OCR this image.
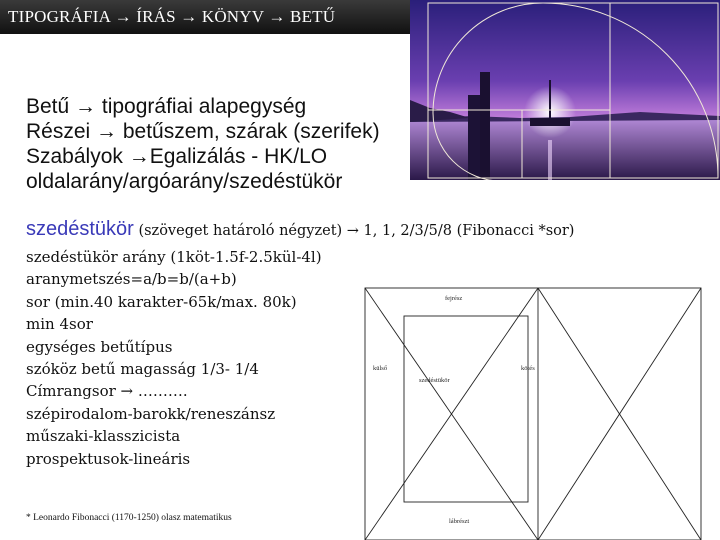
TIPOGRÁFIA → ÍRÁS → KÖNYV → BETŰ
Betű → tipográfiai alapegység
Részei → betűszem, szárak (szerifek)
Szabályok →Egalizálás - HK/LO
oldalarány/argóarány/szedéstükör
szedéstükör (szöveget határoló négyzet) → 1, 1, 2/3/5/8 (Fibonacci *sor)
szedéstükör arány (1köt-1.5f-2.5kül-4l)
aranymetszés=a/b=b/(a+b)
sor (min.40 karakter-65k/max. 80k)
min 4sor
egységes betűtípus
szóköz betű magasság 1/3- 1/4
Címrangsor → ……….
szépirodalom-barokk/reneszánsz
műszaki-klasszicista
prospektusok-lineáris
* Leonardo Fibonacci (1170-1250) olasz matematikus
fejrész
külső
szedéstükör
kötés
lábrészt
